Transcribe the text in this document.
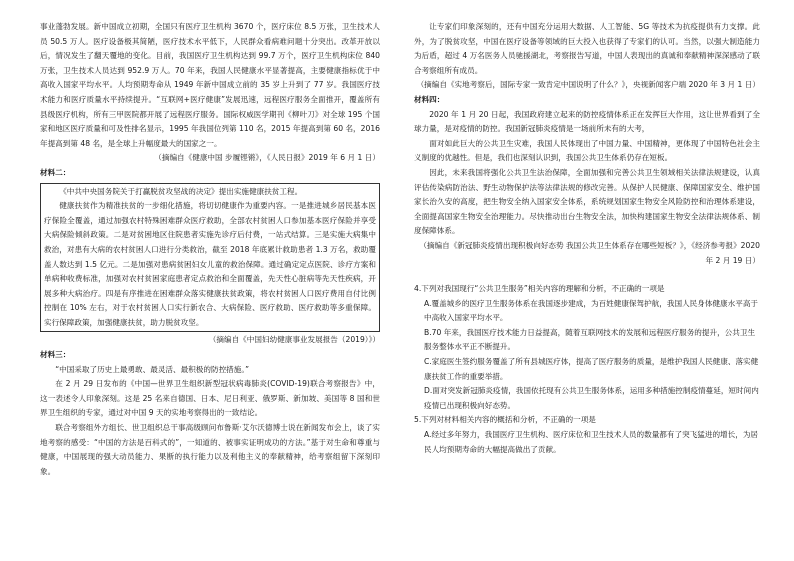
事业蓬勃发展。新中国成立初期，全国只有医疗卫生机构 3670 个，医疗床位 8.5 万张，卫生技术人员 50.5 万人。医疗设备极其简陋，医疗技术水平低下，人民群众看病难问题十分突出。改革开放以后，情况发生了翻天覆地的变化。目前，我国医疗卫生机构达到 99.7 万个，医疗卫生机构床位 840 万张，卫生技术人员达到 952.9 万人。70 年来，我国人民健康水平显著提高，主要健康指标优于中高收入国家平均水平。人均预期寿命从 1949 年新中国成立前的 35 岁上升到了 77 岁。我国医疗技术能力和医疗质量水平持续提升。“互联网+医疗健康”发展迅速，远程医疗服务全面推开，覆盖所有县级医疗机构，所有三甲医院都开展了远程医疗服务。国际权威医学期刊《柳叶刀》对全球 195 个国家和地区医疗质量和可及性排名显示，1995 年我国位列第 110 名，2015 年提高到第 60 名，2016 年提高到第 48 名，是全球上升幅度最大的国家之一。

（摘编自《健康中国 步履铿锵》，《人民日报》2019 年 6 月 1 日）

材料二：

《中共中央国务院关于打赢脱贫攻坚战的决定》提出实施健康扶贫工程。

健康扶贫作为精准扶贫的一步细化措施，将切切健康作为重要内容。一是推进城乡居民基本医疗保险全覆盖，通过加强农村特殊困难群众医疗救助，全部农村贫困人口参加基本医疗保险并享受大病保险倾斜政策。二是对贫困地区住院患者实施先诊疗后付费，一站式结算。三是实施大病集中救治，对患有大病的农村贫困人口进行分类救治，截至 2018 年底累计救助患者 1.3 万名，救助覆盖人数达到 1.5 亿元。二是加强对患病贫困妇女儿童的救治保障。通过确定定点医院、诊疗方案和单病种收费标准，加强对农村贫困家庭患者定点救治和全面覆盖，先天性心脏病等先天性疾病，开展多种大病治疗。四是有序推进在困难群众落实健康扶贫政策，将农村贫困人口医疗费用自付比例控制在 10% 左右，对于农村贫困人口实行新农合、大病保险、医疗救助、医疗救助等多重保障。实行保障政策，加强健康扶贫，助力脱贫攻坚。

（摘编自《中国妇幼健康事业发展报告（2019）》）

材料三：

“中国采取了历史上最勇敢、最灵活、最积极的防控措施。”

在 2 月 29 日发布的《中国—世界卫生组织新型冠状病毒肺炎(COVID-19)联合考察报告》中，这一表述令人印象深刻。这是 25 名来自德国、日本、尼日利亚、俄罗斯、新加坡、美国等 8 国和世界卫生组织的专家，通过对中国 9 天的实地考察得出的一致结论。

联合考察组外方组长、世卫组织总干事高级顾问布鲁斯·艾尔沃德博士说在新闻发布会上，谈了实地考察的感受：“中国的方法是百科式的”，一知道的、被事实证明成功的方法。”基于对生命和尊重与健康，中国展现的强大动员能力、果断的执行能力以及利他主义的奉献精神，给考察组留下深刻印象。

让专家们印象深刻的，还有中国充分运用大数据、人工智能、5G 等技术为抗疫提供有力支撑。此外，为了脱贫攻坚，中国在医疗设备等领域的巨大投入也获得了专家们的认可。当然，以强大制造能力为后盾，超过 4 万名医务人员驰援湖北，考察报告写道，中国人表现出的真诚和奉献精神深深感动了联合考察组所有成员。

（摘编自《实地考察后，国际专家一致肯定中国说明了什么？》，央视新闻客户端 2020 年 3 月 1 日）

材料四：

2020 年 1 月 20 日起，我国政府建立起来的防控疫情体系正在发挥巨大作用，这让世界看到了全球力量，是对疫情的防控。我国新冠肺炎疫情是一场前所未有的大考，

面对如此巨大的公共卫生灾难，我国人民体现出了中国力量、中国精神，更体现了中国特色社会主义制度的优越性。但是，我们也深刻认识到，我国公共卫生体系仍存在短板。

因此，未来我国将强化公共卫生法治保障，全面加强和完善公共卫生领域相关法律法规建设，认真评估传染病防治法、野生动物保护法等法律法规的修改完善。从保护人民健康、保障国家安全、维护国家长治久安的高度，把生物安全纳入国家安全体系，系统规划国家生物安全风险防控和治理体系建设，全面提高国家生物安全治理能力。尽快推动出台生物安全法，加快构建国家生物安全法律法规体系、制度保障体系。

（摘编自《新冠肺炎疫情出现积极向好态势 我国公共卫生体系存在哪些短板？》，《经济参考报》2020 年 2 月 19 日）

4.下列对我国现行“公共卫生服务”相关内容的理解和分析，不正确的一项是

A.覆盖城乡的医疗卫生服务体系在我国逐步建成，为百姓健康保驾护航，我国人民身体健康水平高于中高收入国家平均水平。

B.70 年来，我国医疗技术能力日益提高，随着互联网技术的发展和远程医疗服务的提升，公共卫生服务整体水平正不断提升。

C.家庭医生签约服务覆盖了所有县城医疗体，提高了医疗服务的质量，是维护我国人民健康、落实健康扶贫工作的重要举措。

D.面对突发新冠肺炎疫情，我国依托现有公共卫生服务体系，运用多种措施控制疫情蔓延，短时间内疫情已出现积极向好态势。

5.下列对材料相关内容的概括和分析，不正确的一项是

A.经过多年努力，我国医疗卫生机构、医疗床位和卫生技术人员的数量都有了突飞猛进的增长，为居民人均预期寿命的大幅提高做出了贡献。
